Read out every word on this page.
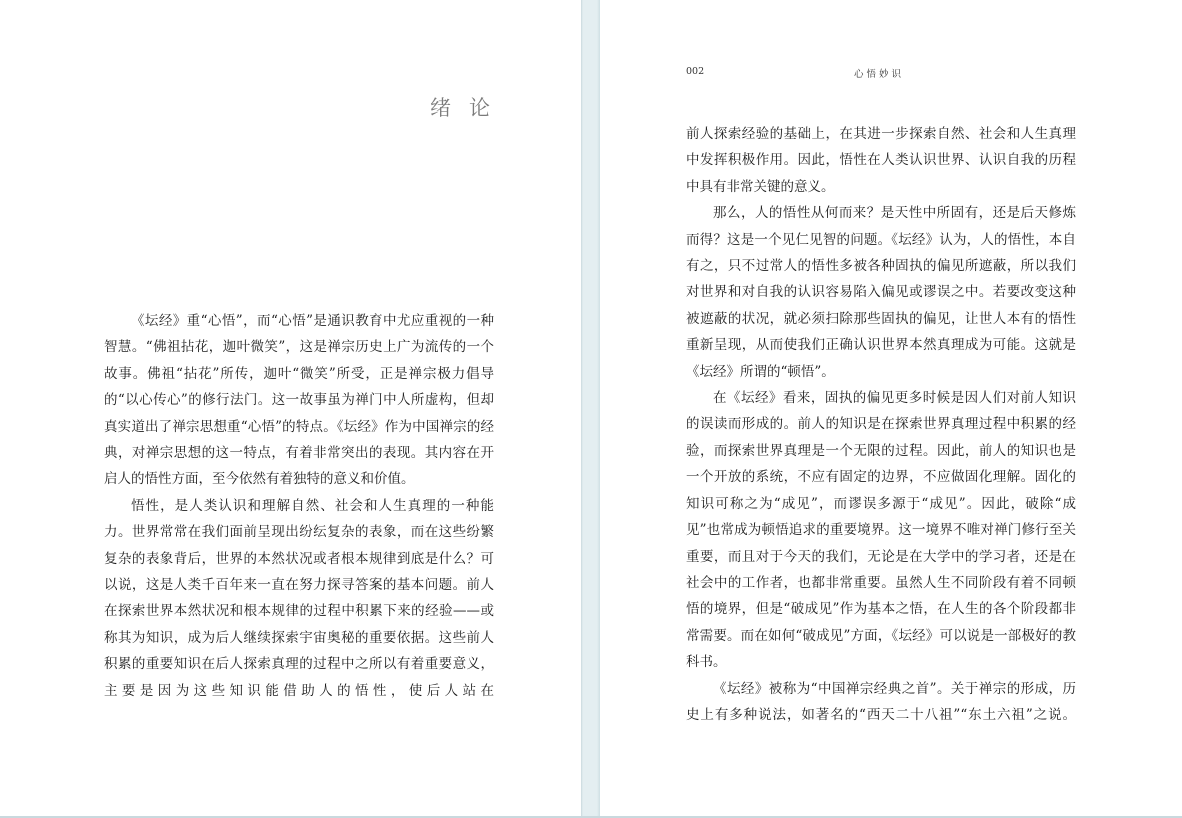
绪论

《坛经》重“心悟”，而“心悟”是通识教育中尤应重视的一种智慧。“佛祖拈花，迦叶微笑”，这是禅宗历史上广为流传的一个故事。佛祖“拈花”所传，迦叶“微笑”所受，正是禅宗极力倡导的“以心传心”的修行法门。这一故事虽为禅门中人所虚构，但却真实道出了禅宗思想重“心悟”的特点。《坛经》作为中国禅宗的经典，对禅宗思想的这一特点，有着非常突出的表现。其内容在开启人的悟性方面，至今依然有着独特的意义和价值。

悟性，是人类认识和理解自然、社会和人生真理的一种能力。世界常常在我们面前呈现出纷纭复杂的表象，而在这些纷繁复杂的表象背后，世界的本然状况或者根本规律到底是什么？可以说，这是人类千百年来一直在努力探寻答案的基本问题。前人在探索世界本然状况和根本规律的过程中积累下来的经验——或称其为知识，成为后人继续探索宇宙奥秘的重要依据。这些前人积累的重要知识在后人探索真理的过程中之所以有着重要意义，主要是因为这些知识能借助人的悟性，使后人站在

002	心悟妙识

前人探索经验的基础上，在其进一步探索自然、社会和人生真理中发挥积极作用。因此，悟性在人类认识世界、认识自我的历程中具有非常关键的意义。

那么，人的悟性从何而来？是天性中所固有，还是后天修炼而得？这是一个见仁见智的问题。《坛经》认为，人的悟性，本自有之，只不过常人的悟性多被各种固执的偏见所遮蔽，所以我们对世界和对自我的认识容易陷入偏见或谬误之中。若要改变这种被遮蔽的状况，就必须扫除那些固执的偏见，让世人本有的悟性重新呈现，从而使我们正确认识世界本然真理成为可能。这就是《坛经》所谓的“顿悟”。

在《坛经》看来，固执的偏见更多时候是因人们对前人知识的误读而形成的。前人的知识是在探索世界真理过程中积累的经验，而探索世界真理是一个无限的过程。因此，前人的知识也是一个开放的系统，不应有固定的边界，不应做固化理解。固化的知识可称之为“成见”，而谬误多源于“成见”。因此，破除“成见”也常成为顿悟追求的重要境界。这一境界不唯对禅门修行至关重要，而且对于今天的我们，无论是在大学中的学习者，还是在社会中的工作者，也都非常重要。虽然人生不同阶段有着不同顿悟的境界，但是“破成见”作为基本之悟，在人生的各个阶段都非常需要。而在如何“破成见”方面，《坛经》可以说是一部极好的教科书。

《坛经》被称为“中国禅宗经典之首”。关于禅宗的形成，历史上有多种说法，如著名的“西天二十八祖”“东土六祖”之说。
